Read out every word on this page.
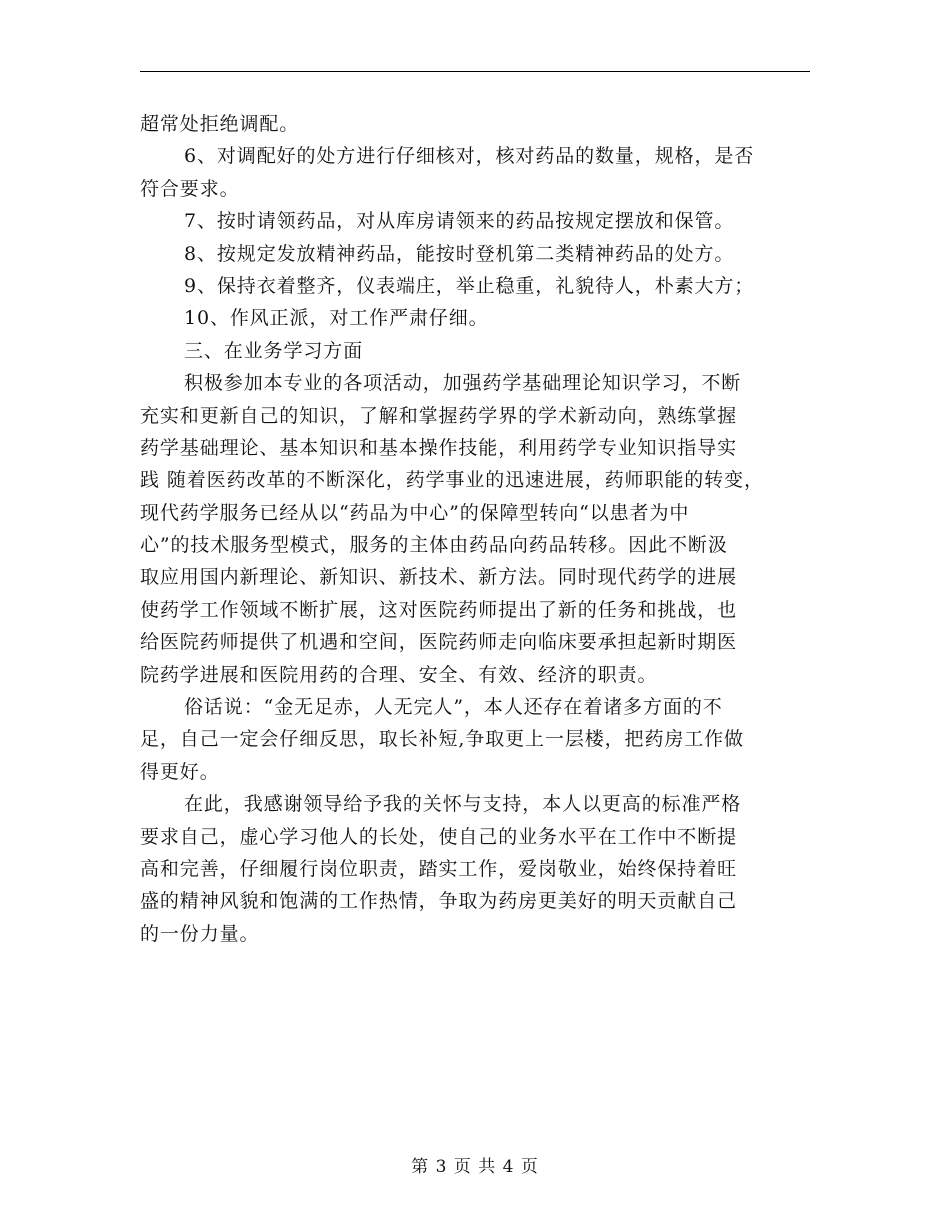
超常处拒绝调配。
6、对调配好的处方进行仔细核对，核对药品的数量，规格，是否
符合要求。
7、按时请领药品，对从库房请领来的药品按规定摆放和保管。
8、按规定发放精神药品，能按时登机第二类精神药品的处方。
9、保持衣着整齐，仪表端庄，举止稳重，礼貌待人，朴素大方；
10、作风正派，对工作严肃仔细。
三、在业务学习方面
积极参加本专业的各项活动，加强药学基础理论知识学习，不断
充实和更新自己的知识，了解和掌握药学界的学术新动向，熟练掌握
药学基础理论、基本知识和基本操作技能，利用药学专业知识指导实
践 随着医药改革的不断深化，药学事业的迅速进展，药师职能的转变，
现代药学服务已经从以“药品为中心”的保障型转向“以患者为中
心”的技术服务型模式，服务的主体由药品向药品转移。因此不断汲
取应用国内新理论、新知识、新技术、新方法。同时现代药学的进展
使药学工作领域不断扩展，这对医院药师提出了新的任务和挑战，也
给医院药师提供了机遇和空间，医院药师走向临床要承担起新时期医
院药学进展和医院用药的合理、安全、有效、经济的职责。
俗话说：“金无足赤，人无完人”，本人还存在着诸多方面的不
足，自己一定会仔细反思，取长补短,争取更上一层楼，把药房工作做
得更好。
在此，我感谢领导给予我的关怀与支持，本人以更高的标准严格
要求自己，虚心学习他人的长处，使自己的业务水平在工作中不断提
高和完善，仔细履行岗位职责，踏实工作，爱岗敬业，始终保持着旺
盛的精神风貌和饱满的工作热情，争取为药房更美好的明天贡献自己
的一份力量。
第 3 页 共 4 页
